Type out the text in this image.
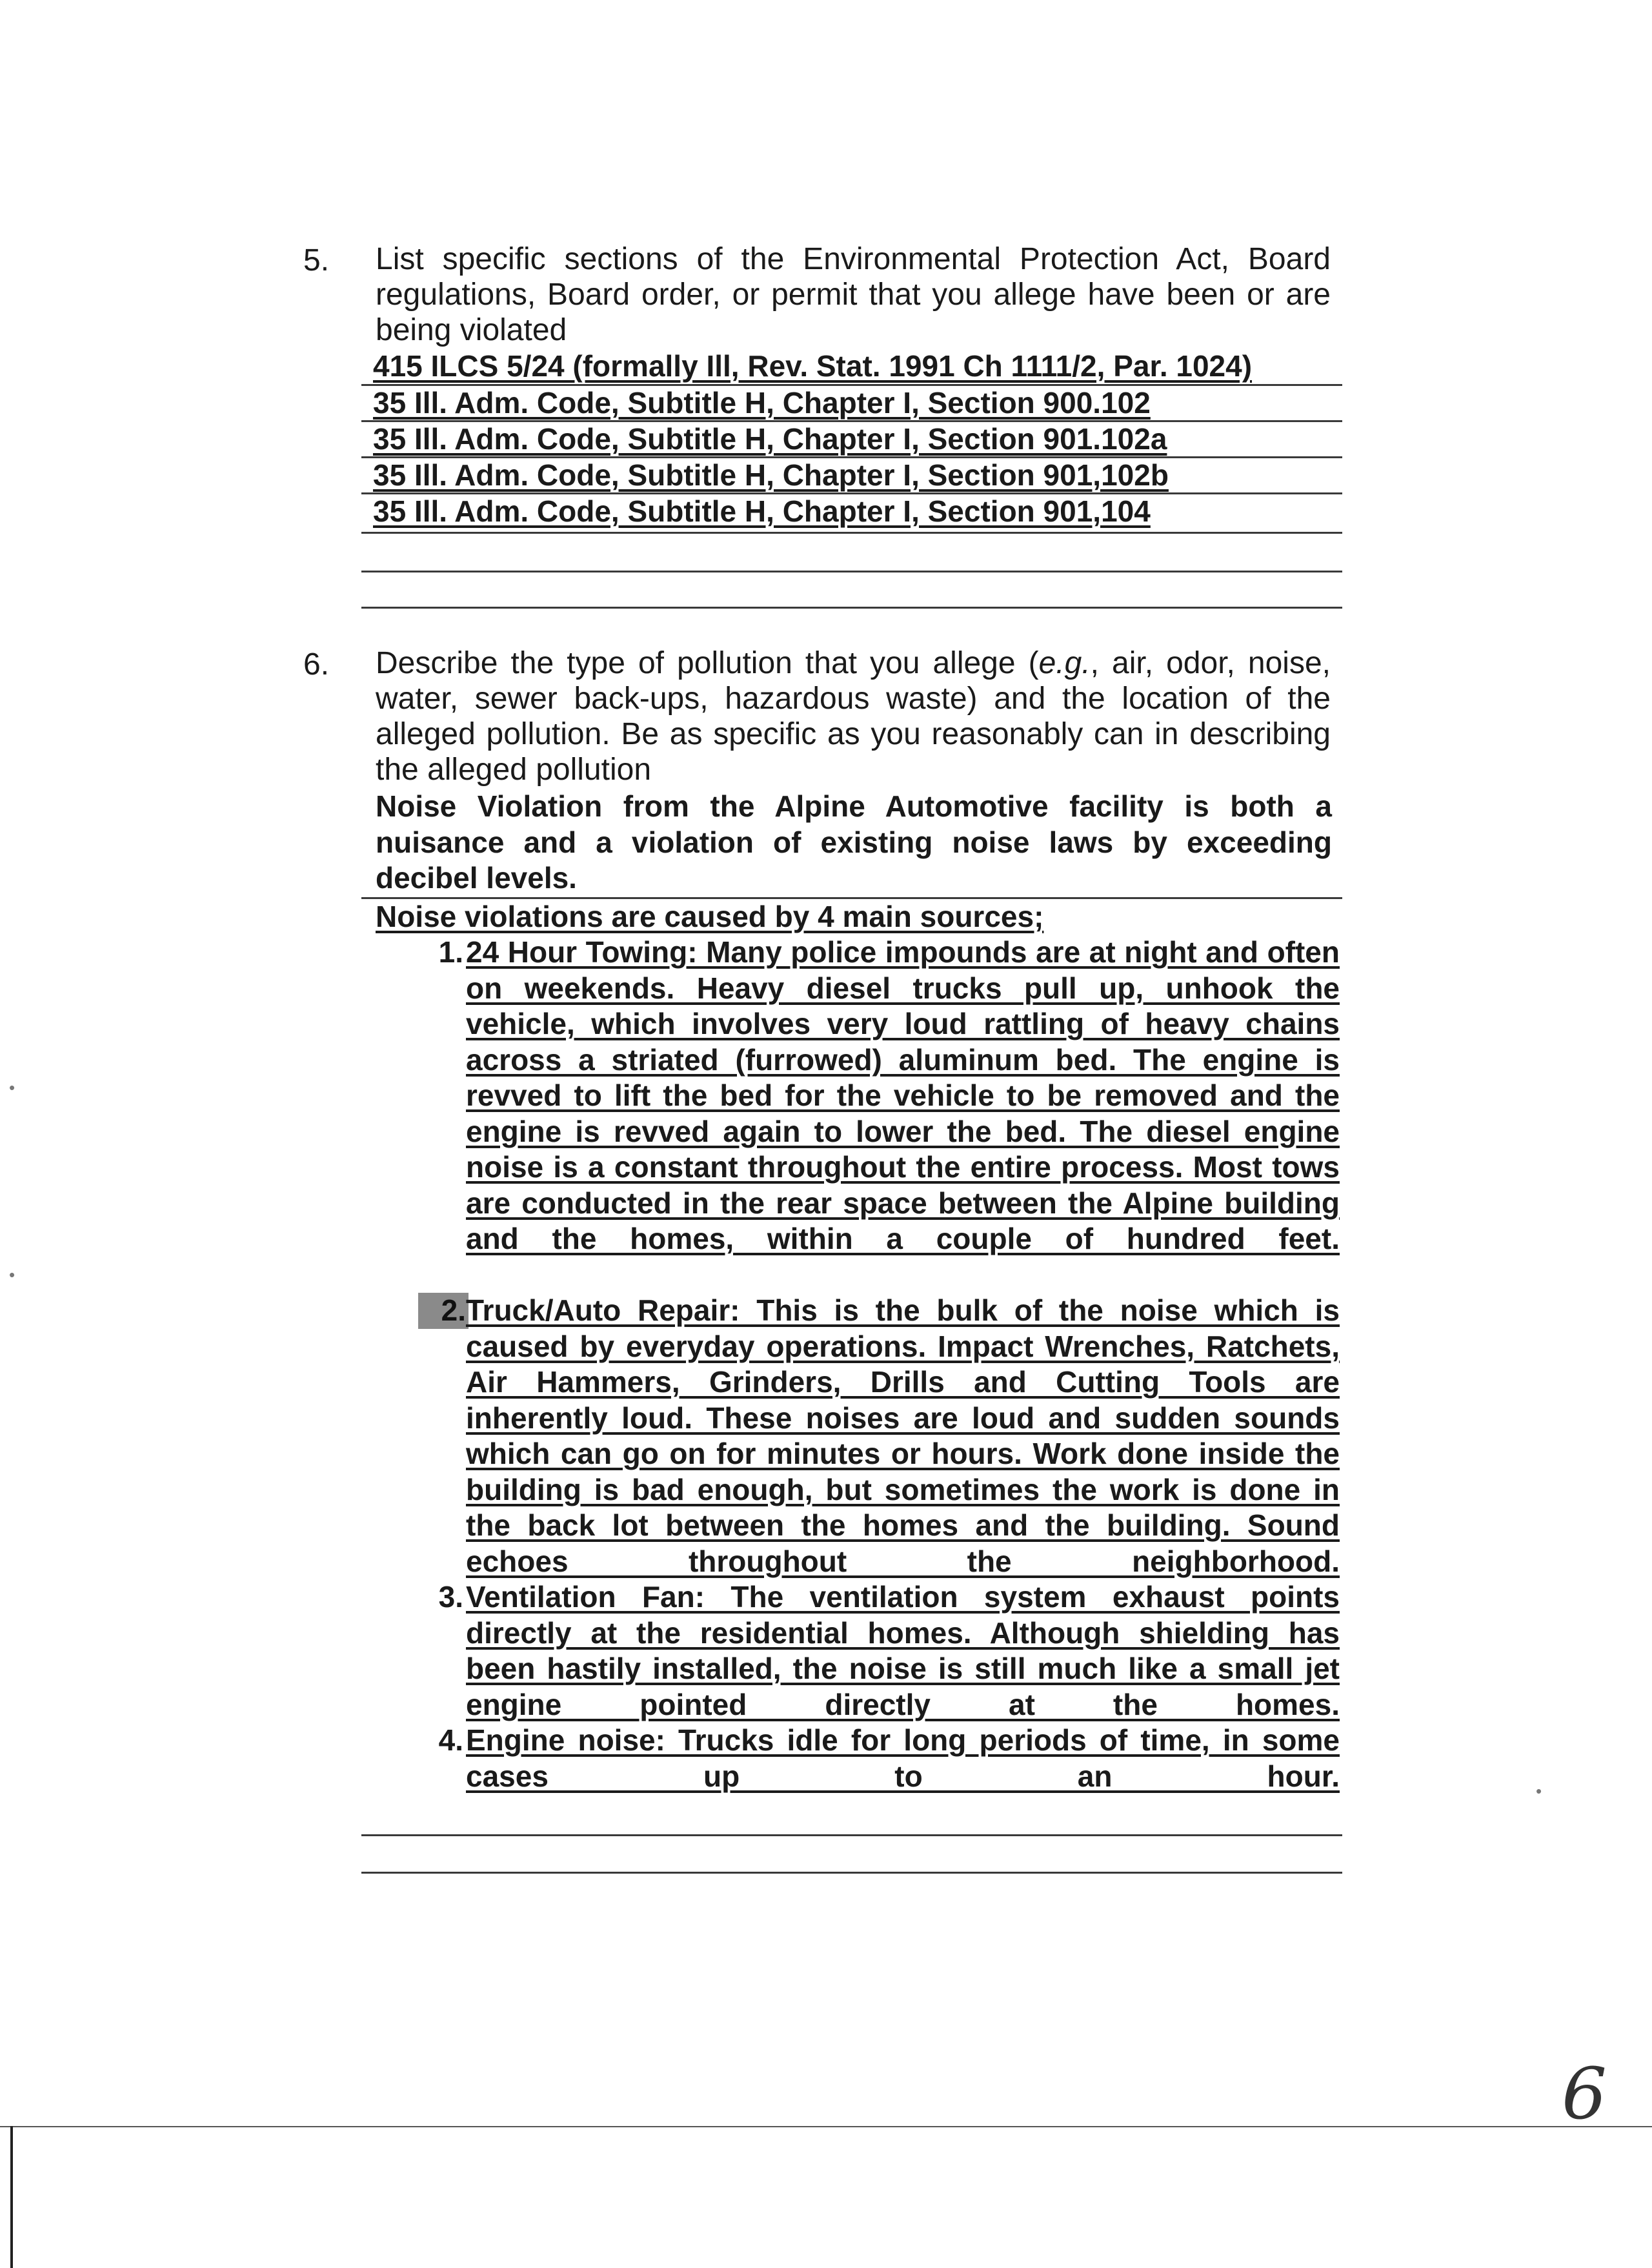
5. List specific sections of the Environmental Protection Act, Board regulations, Board order, or permit that you allege have been or are being violated
415 ILCS 5/24 (formally Ill, Rev. Stat. 1991 Ch 1111/2, Par. 1024)
35 Ill. Adm. Code, Subtitle H, Chapter I, Section 900.102
35 Ill. Adm. Code, Subtitle H, Chapter I, Section 901.102a
35 Ill. Adm. Code, Subtitle H, Chapter I, Section 901,102b
35 Ill. Adm. Code, Subtitle H, Chapter I, Section 901,104
6. Describe the type of pollution that you allege (e.g., air, odor, noise, water, sewer back-ups, hazardous waste) and the location of the alleged pollution. Be as specific as you reasonably can in describing the alleged pollution
Noise Violation from the Alpine Automotive facility is both a nuisance and a violation of existing noise laws by exceeding decibel levels.
Noise violations are caused by 4 main sources;
1. 24 Hour Towing: Many police impounds are at night and often on weekends. Heavy diesel trucks pull up, unhook the vehicle, which involves very loud rattling of heavy chains across a striated (furrowed) aluminum bed. The engine is revved to lift the bed for the vehicle to be removed and the engine is revved again to lower the bed. The diesel engine noise is a constant throughout the entire process. Most tows are conducted in the rear space between the Alpine building and the homes, within a couple of hundred feet.
2. Truck/Auto Repair: This is the bulk of the noise which is caused by everyday operations. Impact Wrenches, Ratchets, Air Hammers, Grinders, Drills and Cutting Tools are inherently loud. These noises are loud and sudden sounds which can go on for minutes or hours. Work done inside the building is bad enough, but sometimes the work is done in the back lot between the homes and the building. Sound echoes throughout the neighborhood.
3. Ventilation Fan: The ventilation system exhaust points directly at the residential homes. Although shielding has been hastily installed, the noise is still much like a small jet engine pointed directly at the homes.
4. Engine noise: Trucks idle for long periods of time, in some cases up to an hour.
6
•
•
•
